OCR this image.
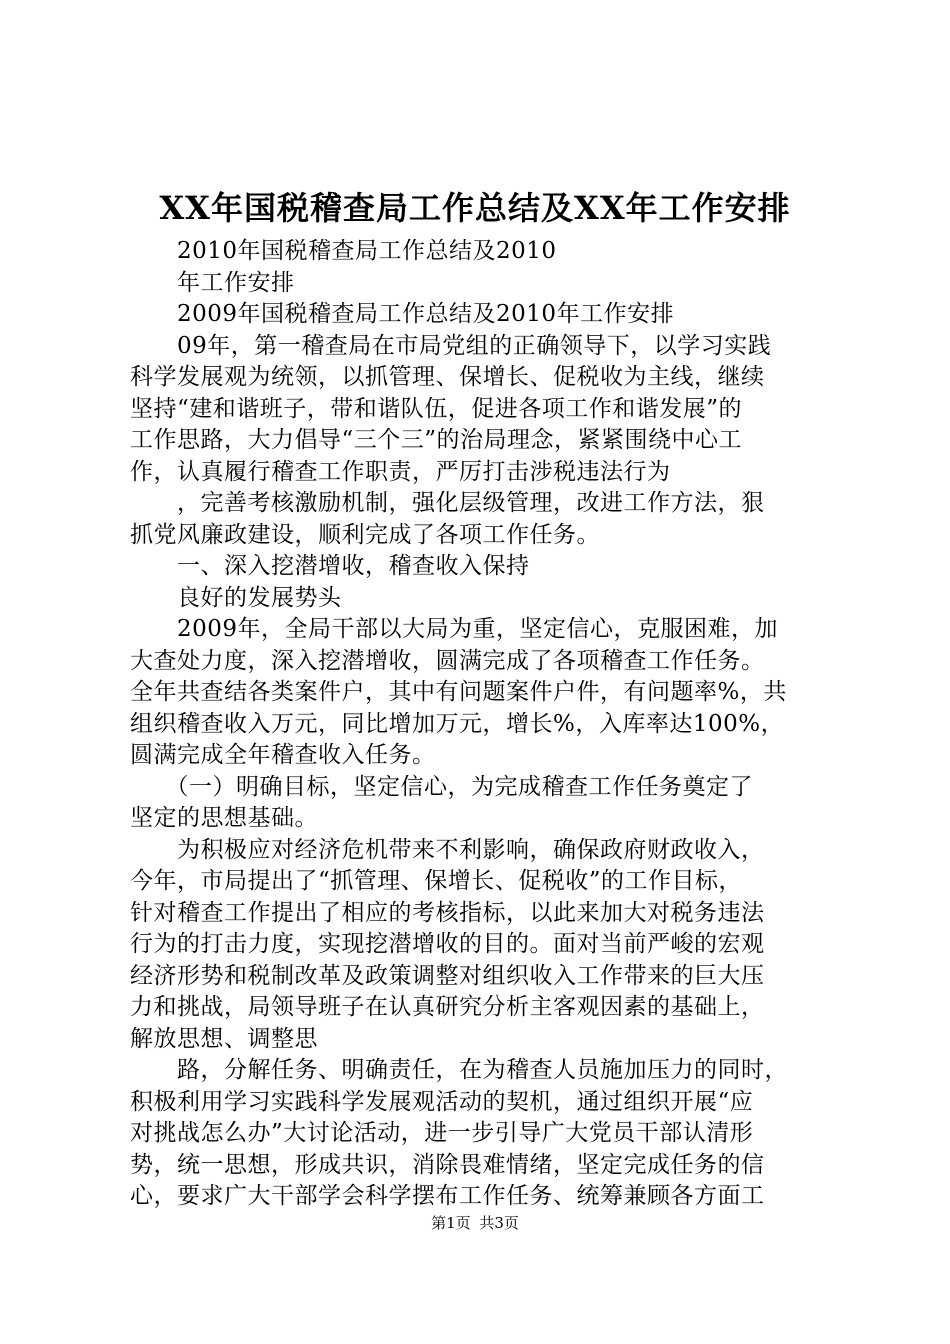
XX年国税稽查局工作总结及XX年工作安排
　　2010年国税稽查局工作总结及2010
　　年工作安排
　　2009年国税稽查局工作总结及2010年工作安排
　　09年，第一稽查局在市局党组的正确领导下，以学习实践
科学发展观为统领，以抓管理、保增长、促税收为主线，继续
坚持“建和谐班子，带和谐队伍，促进各项工作和谐发展”的
工作思路，大力倡导“三个三”的治局理念，紧紧围绕中心工
作，认真履行稽查工作职责，严厉打击涉税违法行为
　　，完善考核激励机制，强化层级管理，改进工作方法，狠
抓党风廉政建设，顺利完成了各项工作任务。
　　一、深入挖潜增收，稽查收入保持
　　良好的发展势头
　　2009年，全局干部以大局为重，坚定信心，克服困难，加
大查处力度，深入挖潜增收，圆满完成了各项稽查工作任务。
全年共查结各类案件户，其中有问题案件户件，有问题率%，共
组织稽查收入万元，同比增加万元，增长%，入库率达100%，
圆满完成全年稽查收入任务。
　　（一）明确目标，坚定信心，为完成稽查工作任务奠定了
坚定的思想基础。
　　为积极应对经济危机带来不利影响，确保政府财政收入，
今年，市局提出了“抓管理、保增长、促税收”的工作目标，
针对稽查工作提出了相应的考核指标，以此来加大对税务违法
行为的打击力度，实现挖潜增收的目的。面对当前严峻的宏观
经济形势和税制改革及政策调整对组织收入工作带来的巨大压
力和挑战，局领导班子在认真研究分析主客观因素的基础上，
解放思想、调整思
　　路，分解任务、明确责任，在为稽查人员施加压力的同时，
积极利用学习实践科学发展观活动的契机，通过组织开展“应
对挑战怎么办”大讨论活动，进一步引导广大党员干部认清形
势，统一思想，形成共识，消除畏难情绪，坚定完成任务的信
心，要求广大干部学会科学摆布工作任务、统筹兼顾各方面工
第1页 共3页
